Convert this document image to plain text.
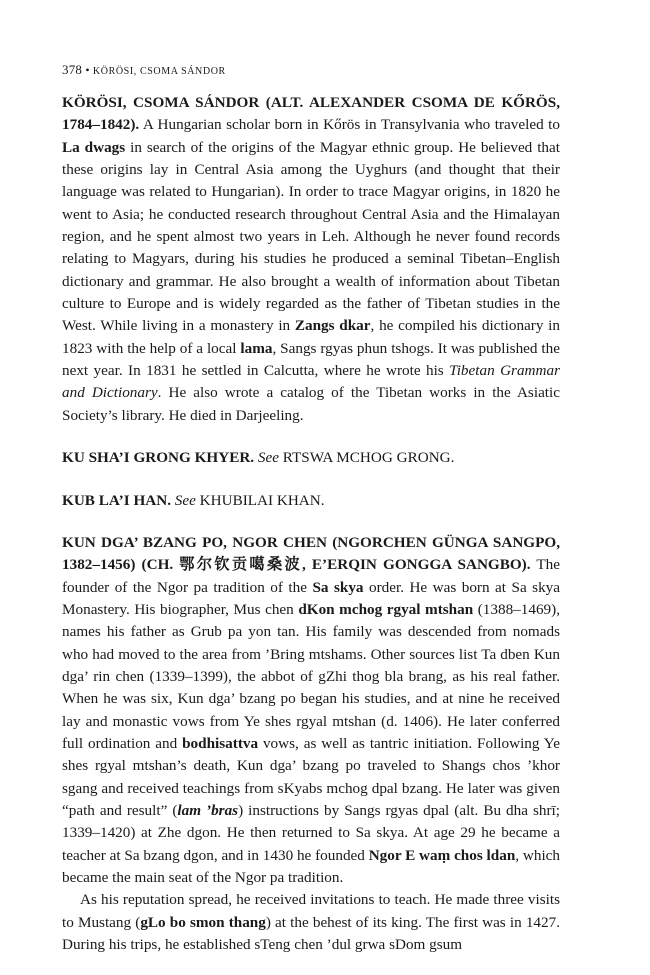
378 • KÖRÖSI, CSOMA SÁNDOR

KÖRÖSI, CSOMA SÁNDOR (ALT. ALEXANDER CSOMA DE KŐRÖS, 1784–1842). A Hungarian scholar born in Kőrös in Transylvania who traveled to La dwags in search of the origins of the Magyar ethnic group. He believed that these origins lay in Central Asia among the Uyghurs (and thought that their language was related to Hungarian). In order to trace Magyar origins, in 1820 he went to Asia; he conducted research throughout Central Asia and the Himalayan region, and he spent almost two years in Leh. Although he never found records relating to Magyars, during his studies he produced a seminal Tibetan–English dictionary and grammar. He also brought a wealth of information about Tibetan culture to Europe and is widely regarded as the father of Tibetan studies in the West. While living in a monastery in Zangs dkar, he compiled his dictionary in 1823 with the help of a local lama, Sangs rgyas phun tshogs. It was published the next year. In 1831 he settled in Calcutta, where he wrote his Tibetan Grammar and Dictionary. He also wrote a catalog of the Tibetan works in the Asiatic Society’s library. He died in Darjeeling.

KU SHA’I GRONG KHYER. See RTSWA MCHOG GRONG.

KUB LA’I HAN. See KHUBILAI KHAN.

KUN DGA’ BZANG PO, NGOR CHEN (NGORCHEN GÜNGA SANGPO, 1382–1456) (CH. 鄂尔钦贡噶桑波, E’ERQIN GONGGA SANGBO). The founder of the Ngor pa tradition of the Sa skya order. He was born at Sa skya Monastery. His biographer, Mus chen dKon mchog rgyal mtshan (1388–1469), names his father as Grub pa yon tan. His family was descended from nomads who had moved to the area from ’Bring mtshams. Other sources list Ta dben Kun dga’ rin chen (1339–1399), the abbot of gZhi thog bla brang, as his real father. When he was six, Kun dga’ bzang po began his studies, and at nine he received lay and monastic vows from Ye shes rgyal mtshan (d. 1406). He later conferred full ordination and bodhisattva vows, as well as tantric initiation. Following Ye shes rgyal mtshan’s death, Kun dga’ bzang po traveled to Shangs chos ’khor sgang and received teachings from sKyabs mchog dpal bzang. He later was given “path and result” (lam ’bras) instructions by Sangs rgyas dpal (alt. Bu dha shrī; 1339–1420) at Zhe dgon. He then returned to Sa skya. At age 29 he became a teacher at Sa bzang dgon, and in 1430 he founded Ngor E waṃ chos ldan, which became the main seat of the Ngor pa tradition.

As his reputation spread, he received invitations to teach. He made three visits to Mustang (gLo bo smon thang) at the behest of its king. The first was in 1427. During his trips, he established sTeng chen ’dul grwa sDom gsum
